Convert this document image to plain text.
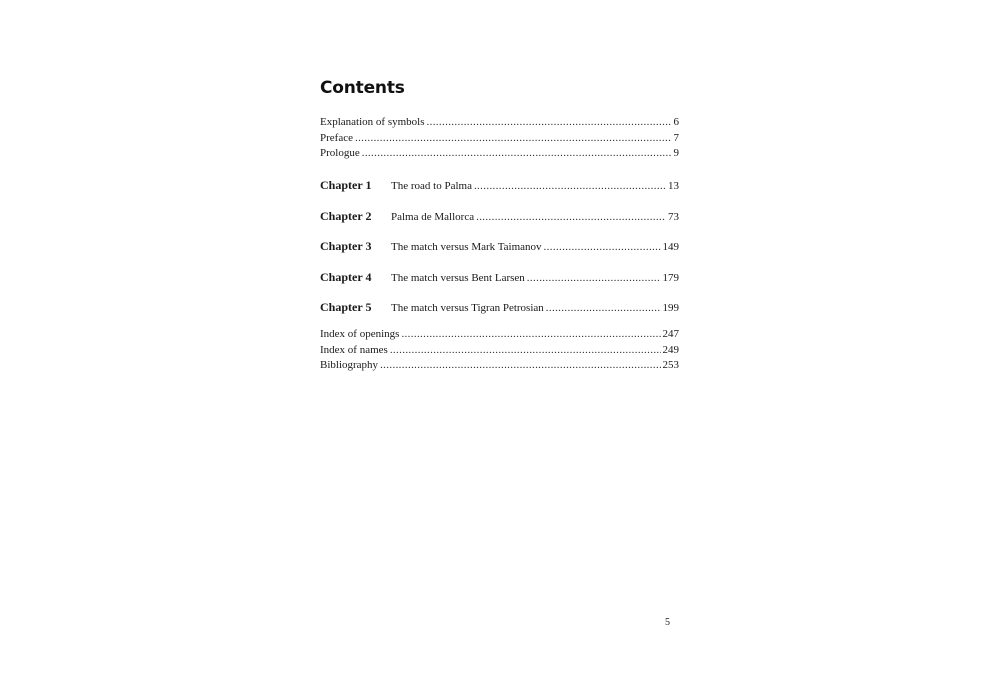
Contents
Explanation of symbols . . .	6
Preface . . .	7
Prologue . . .	9
Chapter 1	The road to Palma . . .	13
Chapter 2	Palma de Mallorca . . .	73
Chapter 3	The match versus Mark Taimanov . . .	149
Chapter 4	The match versus Bent Larsen . . .	179
Chapter 5	The match versus Tigran Petrosian . . .	199
Index of openings . . .	247
Index of names . . .	249
Bibliography . . .	253
5
